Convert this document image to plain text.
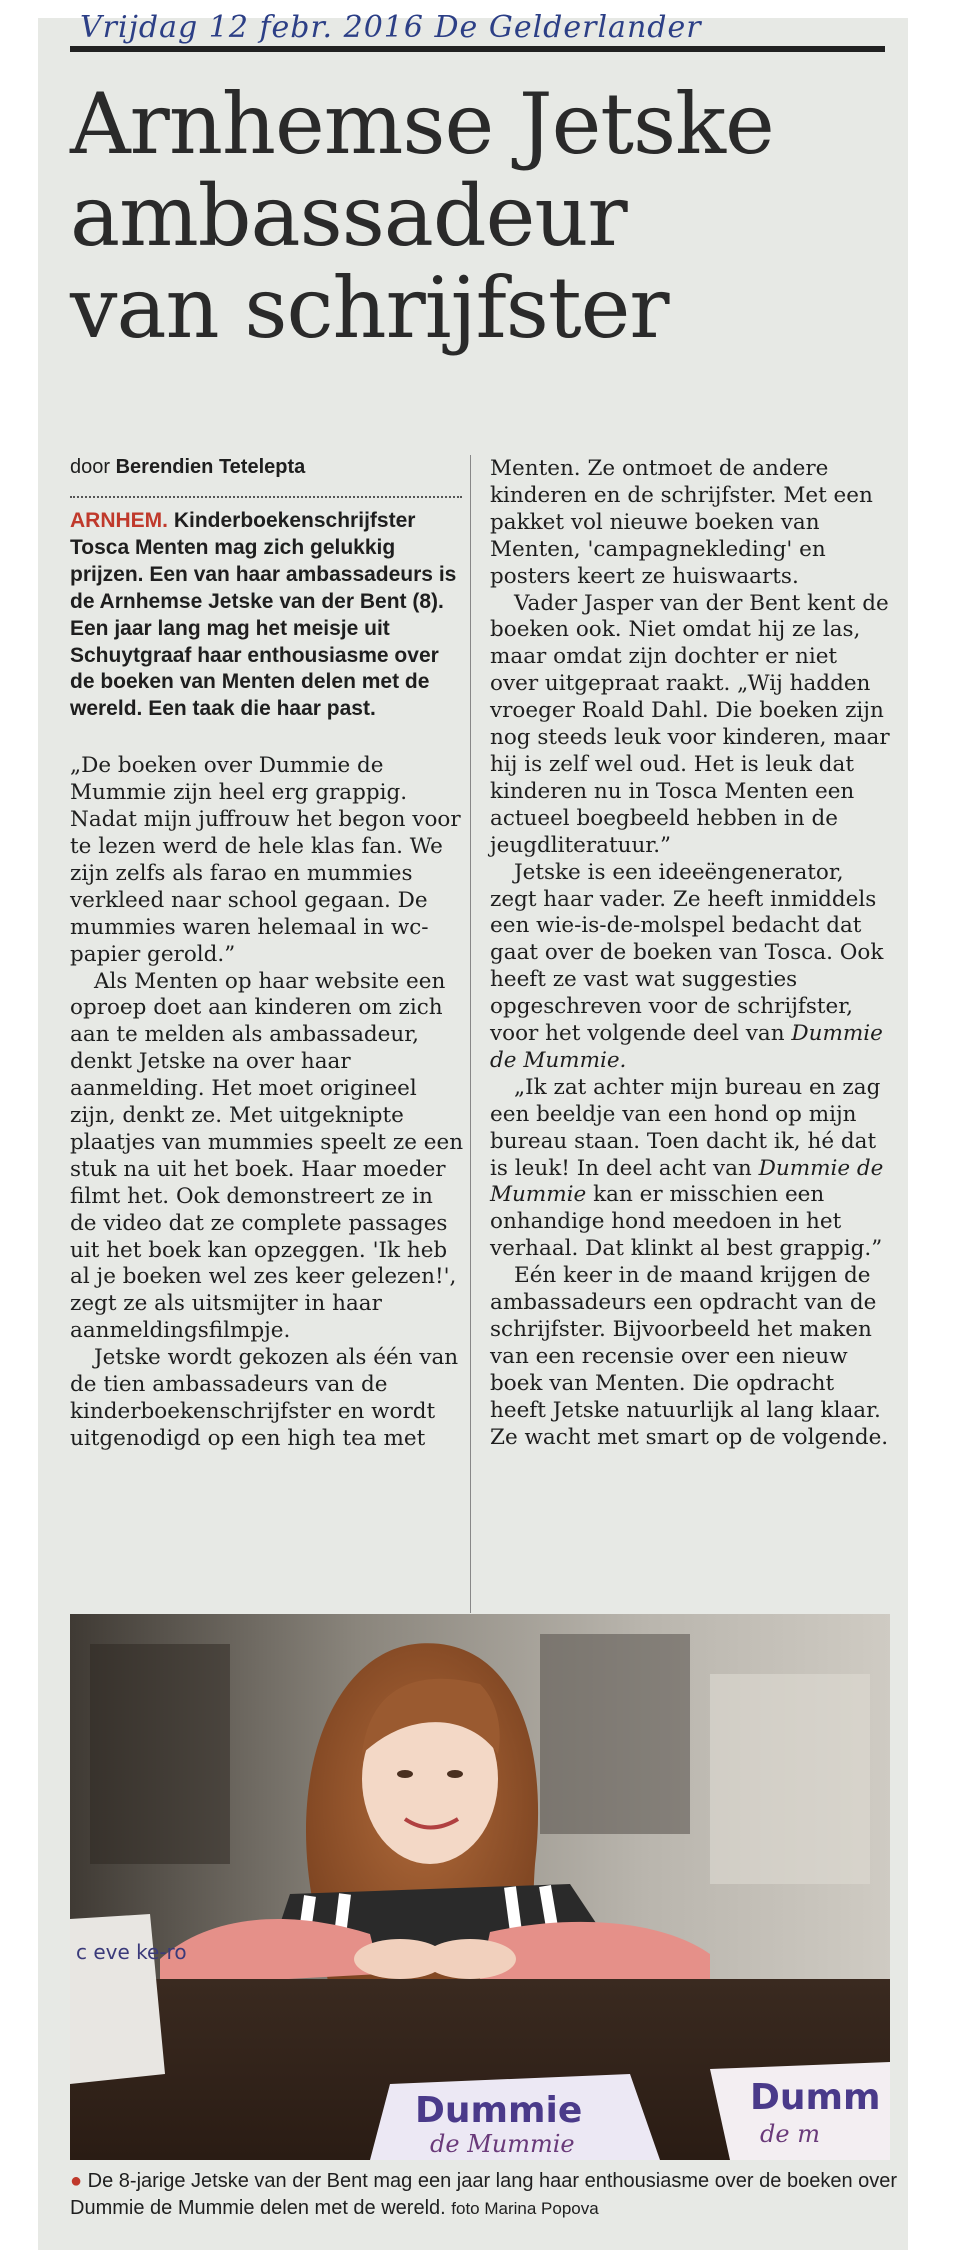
Vrijdag 12 febr. 2016 De Gelderlander
Arnhemse Jetske
ambassadeur
van schrijfster
door Berendien Tetelepta

ARNHEM. Kinderboekenschrijfster Tosca Menten mag zich gelukkig prijzen. Een van haar ambassadeurs is de Arnhemse Jetske van der Bent (8). Een jaar lang mag het meisje uit Schuytgraaf haar enthousiasme over de boeken van Menten delen met de wereld. Een taak die haar past.

„De boeken over Dummie de Mummie zijn heel erg grappig. Nadat mijn juffrouw het begon voor te lezen werd de hele klas fan. We zijn zelfs als farao en mummies verkleed naar school gegaan. De mummies waren helemaal in wc-papier gerold.”

Als Menten op haar website een oproep doet aan kinderen om zich aan te melden als ambassadeur, denkt Jetske na over haar aanmelding. Het moet origineel zijn, denkt ze. Met uitgeknipte plaatjes van mummies speelt ze een stuk na uit het boek. Haar moeder filmt het. Ook demonstreert ze in de video dat ze complete passages uit het boek kan opzeggen. 'Ik heb al je boeken wel zes keer gelezen!', zegt ze als uitsmijter in haar aanmeldingsfilmpje.

Jetske wordt gekozen als één van de tien ambassadeurs van de kinderboekenschrijfster en wordt uitgenodigd op een high tea met

Menten. Ze ontmoet de andere kinderen en de schrijfster. Met een pakket vol nieuwe boeken van Menten, 'campagnekleding' en posters keert ze huiswaarts.

Vader Jasper van der Bent kent de boeken ook. Niet omdat hij ze las, maar omdat zijn dochter er niet over uitgepraat raakt. „Wij hadden vroeger Roald Dahl. Die boeken zijn nog steeds leuk voor kinderen, maar hij is zelf wel oud. Het is leuk dat kinderen nu in Tosca Menten een actueel boegbeeld hebben in de jeugdliteratuur.”

Jetske is een ideeëngenerator, zegt haar vader. Ze heeft inmiddels een wie-is-de-molspel bedacht dat gaat over de boeken van Tosca. Ook heeft ze vast wat suggesties opgeschreven voor de schrijfster, voor het volgende deel van Dummie de Mummie.

„Ik zat achter mijn bureau en zag een beeldje van een hond op mijn bureau staan. Toen dacht ik, hé dat is leuk! In deel acht van Dummie de Mummie kan er misschien een onhandige hond meedoen in het verhaal. Dat klinkt al best grappig.”

Eén keer in de maand krijgen de ambassadeurs een opdracht van de schrijfster. Bijvoorbeeld het maken van een recensie over een nieuw boek van Menten. Die opdracht heeft Jetske natuurlijk al lang klaar. Ze wacht met smart op de volgende.

c eve ke-ro
Dummie
de Mummie
Dumm
de m
● De 8-jarige Jetske van der Bent mag een jaar lang haar enthousiasme over de boeken over Dummie de Mummie delen met de wereld. foto Marina Popova
